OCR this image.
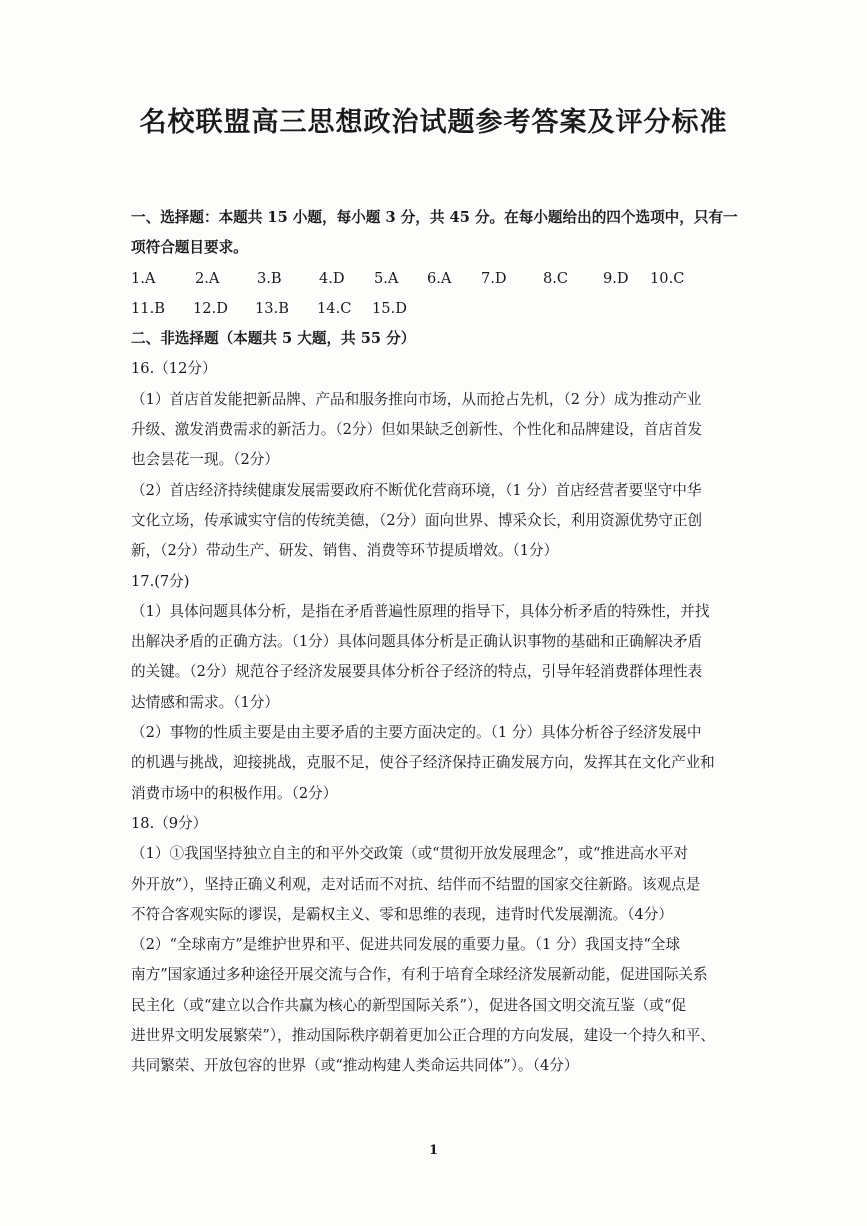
名校联盟高三思想政治试题参考答案及评分标准
一、选择题：本题共 15 小题，每小题 3 分，共 45 分。在每小题给出的四个选项中，只有一
项符合题目要求。
1.A	2.A	3.B	4.D	5.A	6.A	7.D	8.C	9.D	10.C
11.B	12.D	13.B	14.C	15.D
二、非选择题（本题共 5 大题，共 55 分）
16.（12分）
（1）首店首发能把新品牌、产品和服务推向市场，从而抢占先机，（2 分）成为推动产业
升级、激发消费需求的新活力。（2分）但如果缺乏创新性、个性化和品牌建设，首店首发
也会昙花一现。（2分）
（2）首店经济持续健康发展需要政府不断优化营商环境，（1 分）首店经营者要坚守中华
文化立场，传承诚实守信的传统美德，（2分）面向世界、博采众长，利用资源优势守正创
新，（2分）带动生产、研发、销售、消费等环节提质增效。（1分）
17.(7分)
（1）具体问题具体分析，是指在矛盾普遍性原理的指导下，具体分析矛盾的特殊性，并找
出解决矛盾的正确方法。（1分）具体问题具体分析是正确认识事物的基础和正确解决矛盾
的关键。（2分）规范谷子经济发展要具体分析谷子经济的特点，引导年轻消费群体理性表
达情感和需求。（1分）
（2）事物的性质主要是由主要矛盾的主要方面决定的。（1 分）具体分析谷子经济发展中
的机遇与挑战，迎接挑战，克服不足，使谷子经济保持正确发展方向，发挥其在文化产业和
消费市场中的积极作用。（2分）
18.（9分）
（1）①我国坚持独立自主的和平外交政策（或“贯彻开放发展理念”，或“推进高水平对
外开放”），坚持正确义利观，走对话而不对抗、结伴而不结盟的国家交往新路。该观点是
不符合客观实际的谬误，是霸权主义、零和思维的表现，违背时代发展潮流。（4分）
（2）“全球南方”是维护世界和平、促进共同发展的重要力量。（1 分）我国支持“全球
南方”国家通过多种途径开展交流与合作，有利于培育全球经济发展新动能，促进国际关系
民主化（或“建立以合作共赢为核心的新型国际关系”），促进各国文明交流互鉴（或“促
进世界文明发展繁荣”），推动国际秩序朝着更加公正合理的方向发展，建设一个持久和平、
共同繁荣、开放包容的世界（或“推动构建人类命运共同体”）。（4分）
1
